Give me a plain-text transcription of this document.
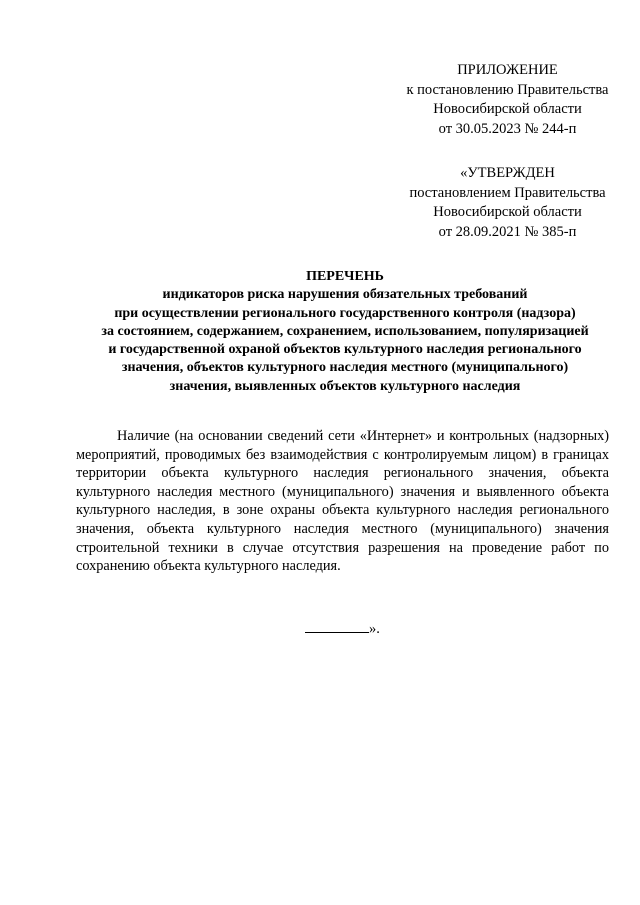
ПРИЛОЖЕНИЕ
к постановлению Правительства
Новосибирской области
от 30.05.2023 № 244-п
«УТВЕРЖДЕН
постановлением Правительства
Новосибирской области
от 28.09.2021 № 385-п
ПЕРЕЧЕНЬ
индикаторов риска нарушения обязательных требований
при осуществлении регионального государственного контроля (надзора)
за состоянием, содержанием, сохранением, использованием, популяризацией
и государственной охраной объектов культурного наследия регионального
значения, объектов культурного наследия местного (муниципального)
значения, выявленных объектов культурного наследия

Наличие (на основании сведений сети «Интернет» и контрольных (надзорных) мероприятий, проводимых без взаимодействия с контролируемым лицом) в границах территории объекта культурного наследия регионального значения, объекта культурного наследия местного (муниципального) значения и выявленного объекта культурного наследия, в зоне охраны объекта культурного наследия регионального значения, объекта культурного наследия местного (муниципального) значения строительной техники в случае отсутствия разрешения на проведение работ по сохранению объекта культурного наследия.

».
